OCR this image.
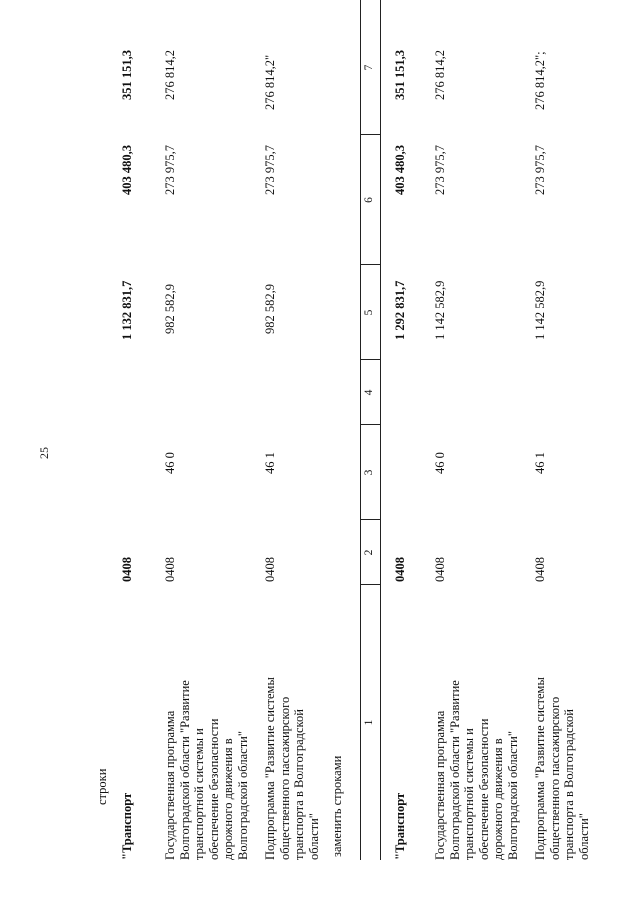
25
строки
"Транспорт
0408
1 132 831,7
403 480,3
351 151,3
Государственная программа Волгоградской области "Развитие транспортной системы и обеспечение безопасности дорожного движения в Волгоградской области"
0408
46 0
982 582,9
273 975,7
276 814,2
Подпрограмма "Развитие системы общественного пассажирского транспорта в Волгоградской области"
0408
46 1
982 582,9
273 975,7
276 814,2"
заменить строками
1
2
3
4
5
6
7
"Транспорт
0408
1 292 831,7
403 480,3
351 151,3
Государственная программа Волгоградской области "Развитие транспортной системы и обеспечение безопасности дорожного движения в Волгоградской области"
0408
46 0
1 142 582,9
273 975,7
276 814,2
Подпрограмма "Развитие системы общественного пассажирского транспорта в Волгоградской области"
0408
46 1
1 142 582,9
273 975,7
276 814,2";
